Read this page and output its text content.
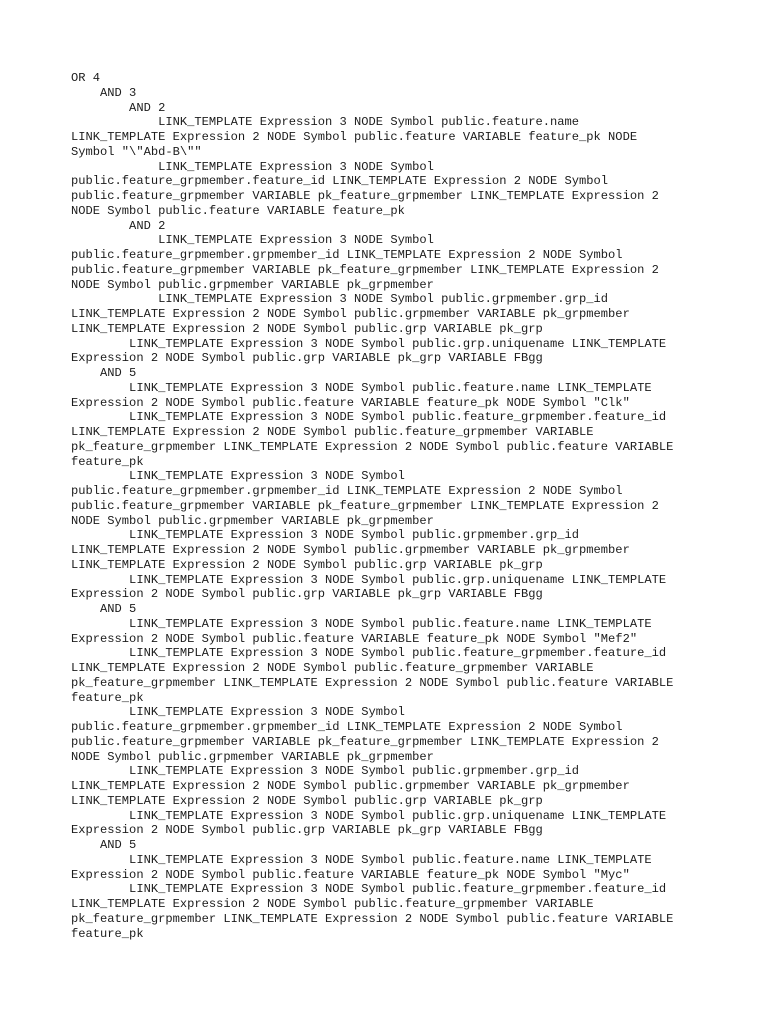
OR 4
AND 3
AND 2
LINK_TEMPLATE Expression 3 NODE Symbol public.feature.name
LINK_TEMPLATE Expression 2 NODE Symbol public.feature VARIABLE feature_pk NODE
Symbol "\"Abd-B\""
LINK_TEMPLATE Expression 3 NODE Symbol
public.feature_grpmember.feature_id LINK_TEMPLATE Expression 2 NODE Symbol
public.feature_grpmember VARIABLE pk_feature_grpmember LINK_TEMPLATE Expression 2
NODE Symbol public.feature VARIABLE feature_pk
AND 2
LINK_TEMPLATE Expression 3 NODE Symbol
public.feature_grpmember.grpmember_id LINK_TEMPLATE Expression 2 NODE Symbol
public.feature_grpmember VARIABLE pk_feature_grpmember LINK_TEMPLATE Expression 2
NODE Symbol public.grpmember VARIABLE pk_grpmember
LINK_TEMPLATE Expression 3 NODE Symbol public.grpmember.grp_id
LINK_TEMPLATE Expression 2 NODE Symbol public.grpmember VARIABLE pk_grpmember
LINK_TEMPLATE Expression 2 NODE Symbol public.grp VARIABLE pk_grp
LINK_TEMPLATE Expression 3 NODE Symbol public.grp.uniquename LINK_TEMPLATE
Expression 2 NODE Symbol public.grp VARIABLE pk_grp VARIABLE FBgg
AND 5
LINK_TEMPLATE Expression 3 NODE Symbol public.feature.name LINK_TEMPLATE
Expression 2 NODE Symbol public.feature VARIABLE feature_pk NODE Symbol "Clk"
LINK_TEMPLATE Expression 3 NODE Symbol public.feature_grpmember.feature_id
LINK_TEMPLATE Expression 2 NODE Symbol public.feature_grpmember VARIABLE
pk_feature_grpmember LINK_TEMPLATE Expression 2 NODE Symbol public.feature VARIABLE
feature_pk
LINK_TEMPLATE Expression 3 NODE Symbol
public.feature_grpmember.grpmember_id LINK_TEMPLATE Expression 2 NODE Symbol
public.feature_grpmember VARIABLE pk_feature_grpmember LINK_TEMPLATE Expression 2
NODE Symbol public.grpmember VARIABLE pk_grpmember
LINK_TEMPLATE Expression 3 NODE Symbol public.grpmember.grp_id
LINK_TEMPLATE Expression 2 NODE Symbol public.grpmember VARIABLE pk_grpmember
LINK_TEMPLATE Expression 2 NODE Symbol public.grp VARIABLE pk_grp
LINK_TEMPLATE Expression 3 NODE Symbol public.grp.uniquename LINK_TEMPLATE
Expression 2 NODE Symbol public.grp VARIABLE pk_grp VARIABLE FBgg
AND 5
LINK_TEMPLATE Expression 3 NODE Symbol public.feature.name LINK_TEMPLATE
Expression 2 NODE Symbol public.feature VARIABLE feature_pk NODE Symbol "Mef2"
LINK_TEMPLATE Expression 3 NODE Symbol public.feature_grpmember.feature_id
LINK_TEMPLATE Expression 2 NODE Symbol public.feature_grpmember VARIABLE
pk_feature_grpmember LINK_TEMPLATE Expression 2 NODE Symbol public.feature VARIABLE
feature_pk
LINK_TEMPLATE Expression 3 NODE Symbol
public.feature_grpmember.grpmember_id LINK_TEMPLATE Expression 2 NODE Symbol
public.feature_grpmember VARIABLE pk_feature_grpmember LINK_TEMPLATE Expression 2
NODE Symbol public.grpmember VARIABLE pk_grpmember
LINK_TEMPLATE Expression 3 NODE Symbol public.grpmember.grp_id
LINK_TEMPLATE Expression 2 NODE Symbol public.grpmember VARIABLE pk_grpmember
LINK_TEMPLATE Expression 2 NODE Symbol public.grp VARIABLE pk_grp
LINK_TEMPLATE Expression 3 NODE Symbol public.grp.uniquename LINK_TEMPLATE
Expression 2 NODE Symbol public.grp VARIABLE pk_grp VARIABLE FBgg
AND 5
LINK_TEMPLATE Expression 3 NODE Symbol public.feature.name LINK_TEMPLATE
Expression 2 NODE Symbol public.feature VARIABLE feature_pk NODE Symbol "Myc"
LINK_TEMPLATE Expression 3 NODE Symbol public.feature_grpmember.feature_id
LINK_TEMPLATE Expression 2 NODE Symbol public.feature_grpmember VARIABLE
pk_feature_grpmember LINK_TEMPLATE Expression 2 NODE Symbol public.feature VARIABLE
feature_pk
